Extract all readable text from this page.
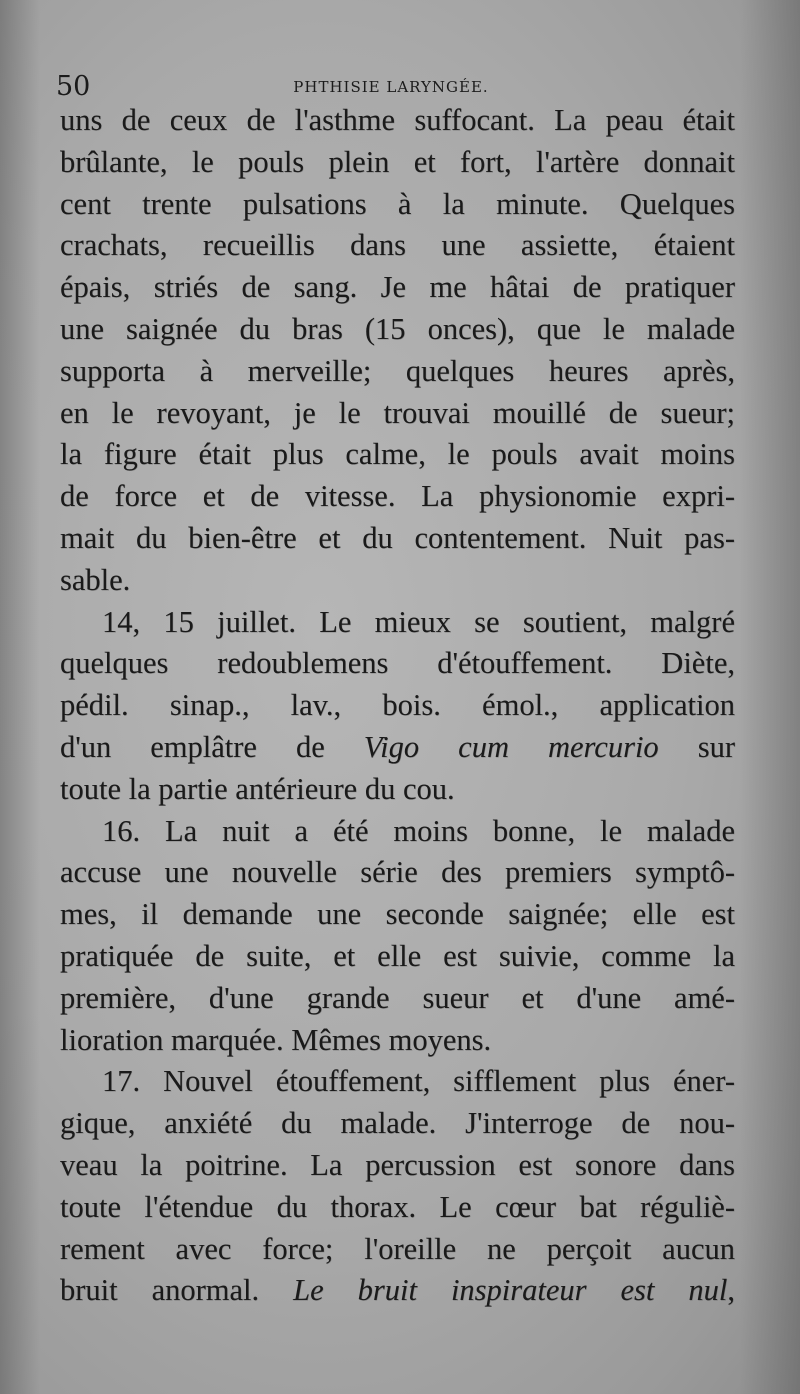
50	PHTHISIE LARYNGÉE.
uns de ceux de l'asthme suffocant. La peau était
brûlante, le pouls plein et fort, l'artère donnait
cent trente pulsations à la minute. Quelques
crachats, recueillis dans une assiette, étaient
épais, striés de sang. Je me hâtai de pratiquer
une saignée du bras (15 onces), que le malade
supporta à merveille; quelques heures après,
en le revoyant, je le trouvai mouillé de sueur;
la figure était plus calme, le pouls avait moins
de force et de vitesse. La physionomie expri-
mait du bien-être et du contentement. Nuit pas-
sable.
14, 15 juillet. Le mieux se soutient, malgré
quelques redoublemens d'étouffement. Diète,
pédil. sinap., lav., bois. émol., application
d'un emplâtre de Vigo cum mercurio sur
toute la partie antérieure du cou.
16. La nuit a été moins bonne, le malade
accuse une nouvelle série des premiers symptô-
mes, il demande une seconde saignée; elle est
pratiquée de suite, et elle est suivie, comme la
première, d'une grande sueur et d'une amé-
lioration marquée. Mêmes moyens.
17. Nouvel étouffement, sifflement plus éner-
gique, anxiété du malade. J'interroge de nou-
veau la poitrine. La percussion est sonore dans
toute l'étendue du thorax. Le cœur bat réguliè-
rement avec force; l'oreille ne perçoit aucun
bruit anormal. Le bruit inspirateur est nul,
